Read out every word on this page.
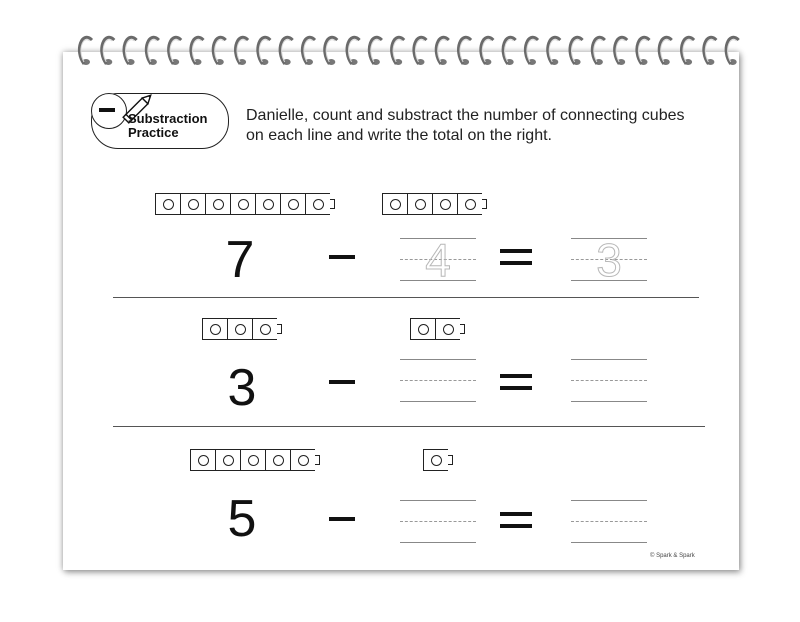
Substraction Practice
Danielle, count and substract the number of connecting cubes on each line and write the total on the right.
7	4	3
3
5
© Spark & Spark
